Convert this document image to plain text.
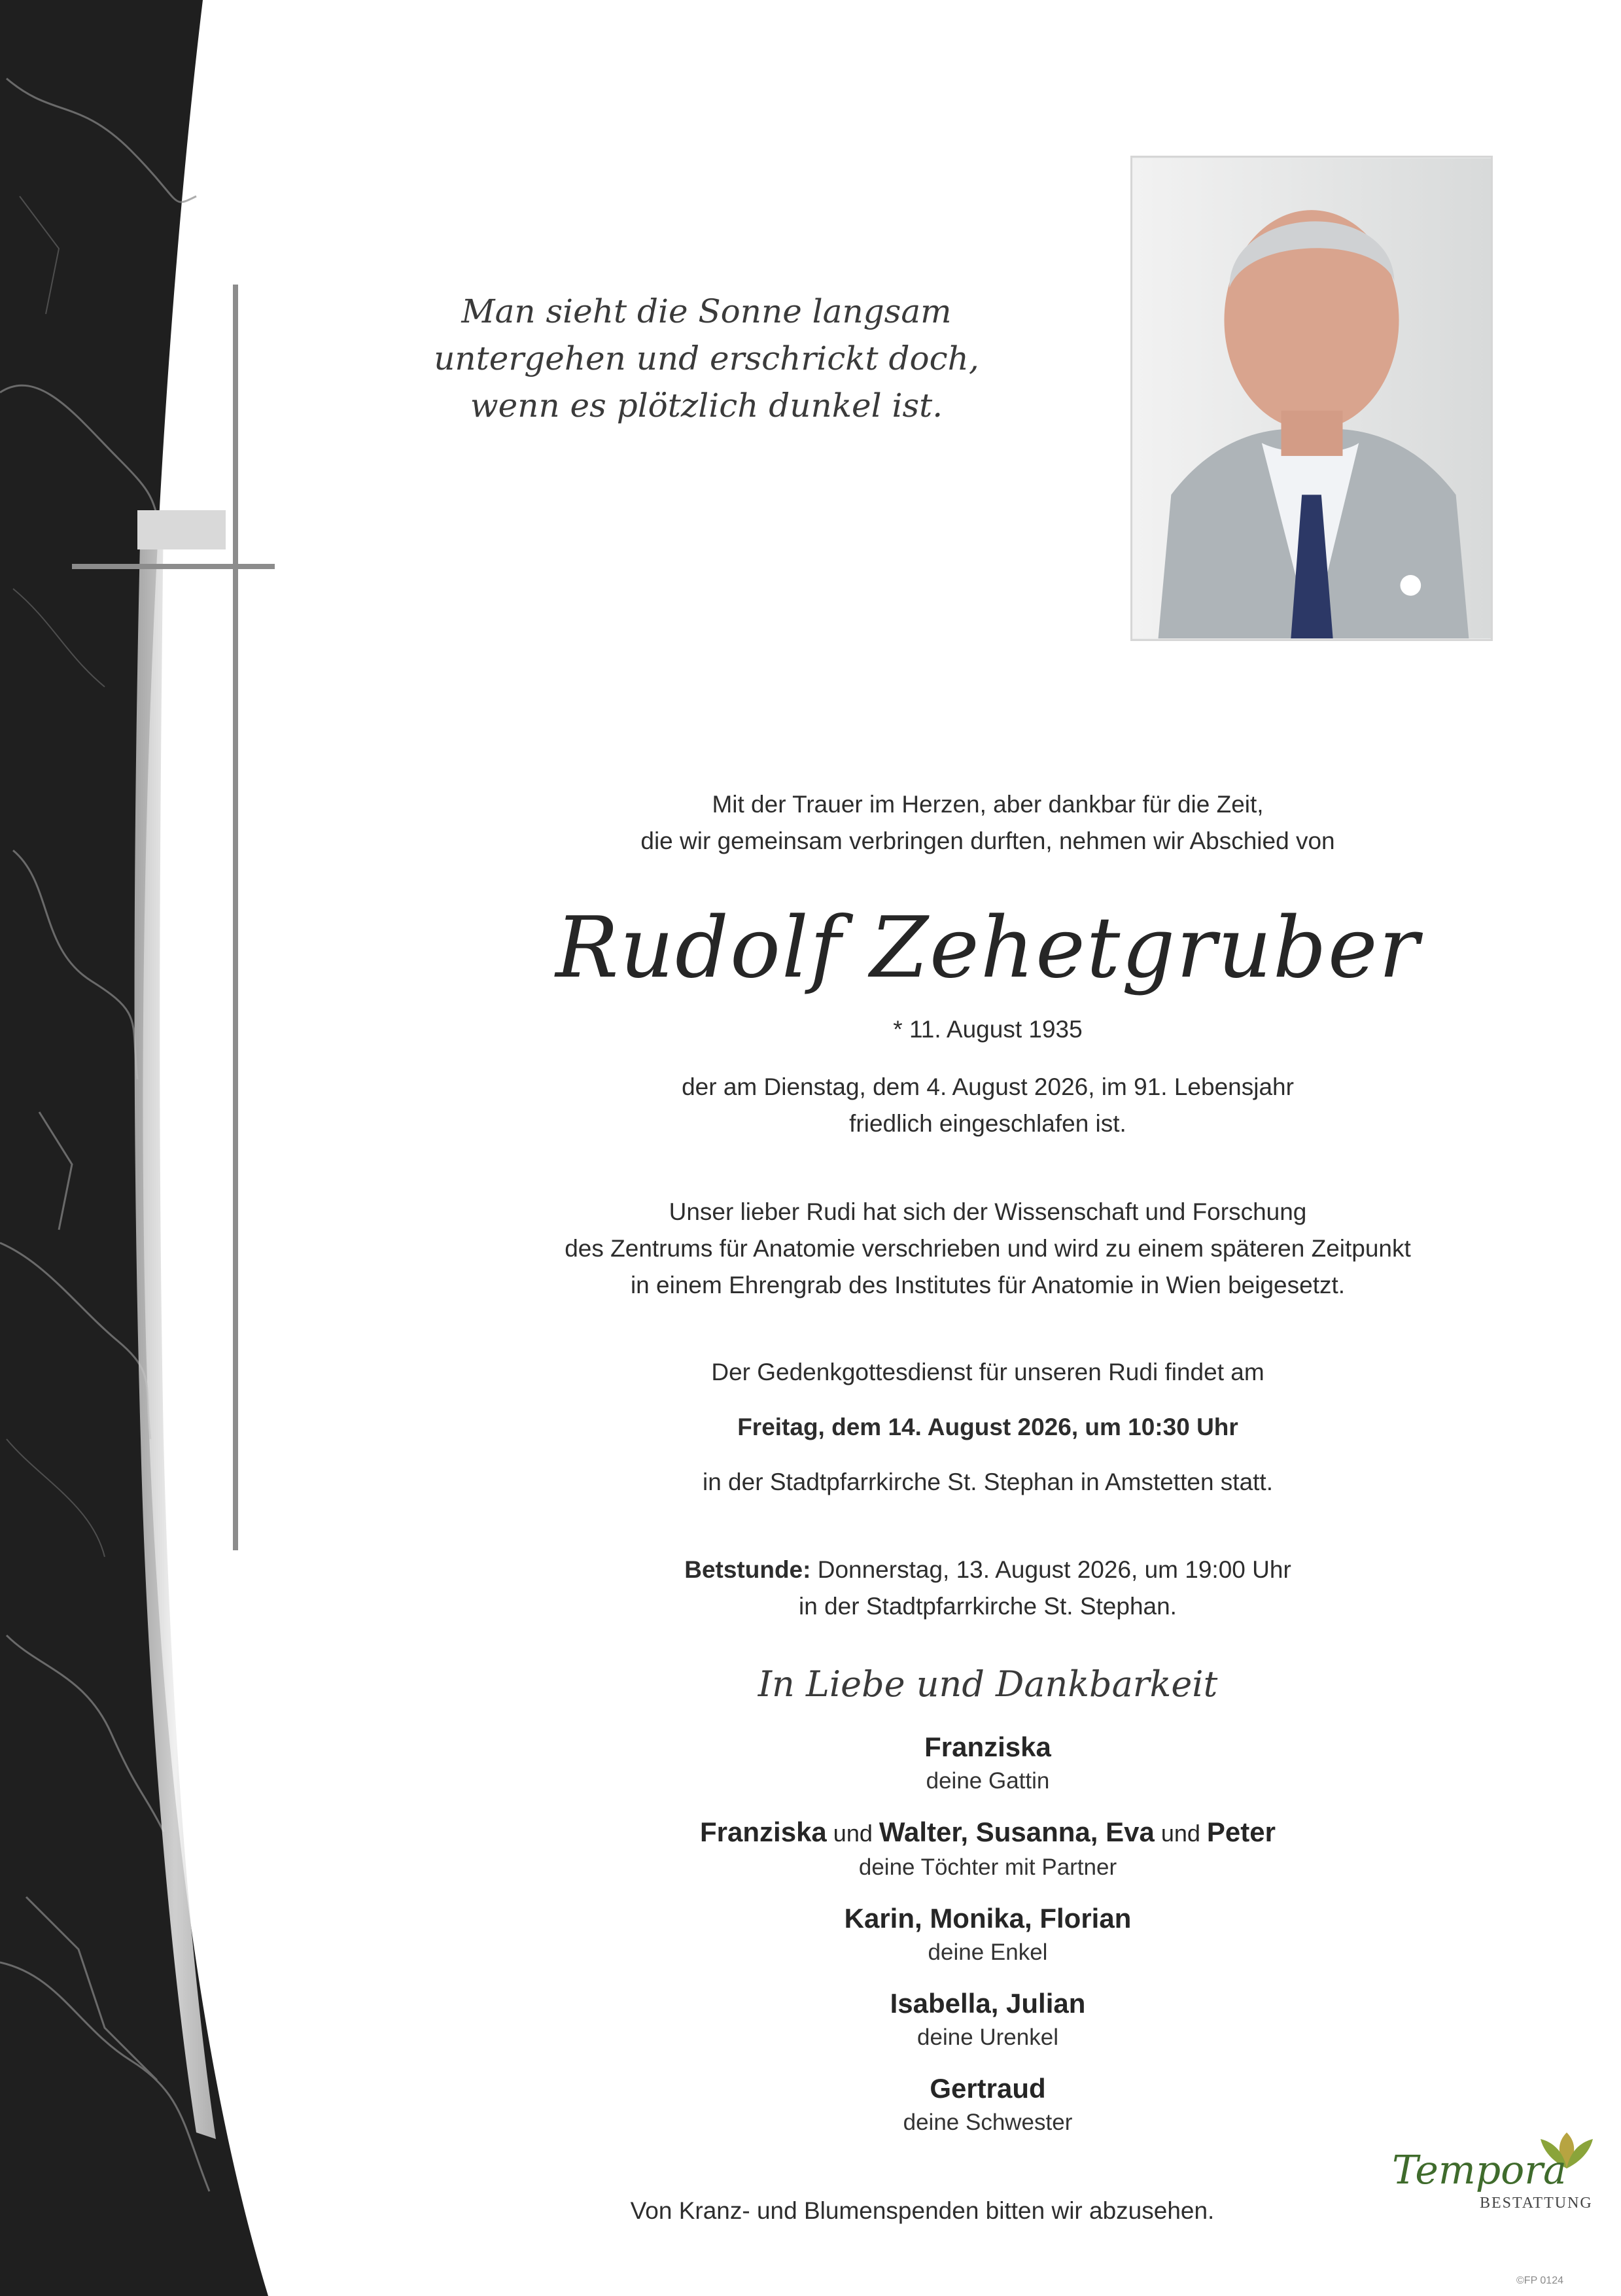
Man sieht die Sonne langsam
untergehen und erschrickt doch,
wenn es plötzlich dunkel ist.
Mit der Trauer im Herzen, aber dankbar für die Zeit,
die wir gemeinsam verbringen durften, nehmen wir Abschied von
Rudolf Zehetgruber
* 11. August 1935
der am Dienstag, dem 4. August 2026, im 91. Lebensjahr
friedlich eingeschlafen ist.
Unser lieber Rudi hat sich der Wissenschaft und Forschung
des Zentrums für Anatomie verschrieben und wird zu einem späteren Zeitpunkt
in einem Ehrengrab des Institutes für Anatomie in Wien beigesetzt.
Der Gedenkgottesdienst für unseren Rudi findet am
Freitag, dem 14. August 2026, um 10:30 Uhr
in der Stadtpfarrkirche St. Stephan in Amstetten statt.
Betstunde: Donnerstag, 13. August 2026, um 19:00 Uhr
in der Stadtpfarrkirche St. Stephan.
In Liebe und Dankbarkeit
Franziska
deine Gattin
Franziska und Walter, Susanna, Eva und Peter
deine Töchter mit Partner
Karin, Monika, Florian
deine Enkel
Isabella, Julian
deine Urenkel
Gertraud
deine Schwester
Von Kranz- und Blumenspenden bitten wir abzusehen.
Tempora
BESTATTUNG
©FP 0124
